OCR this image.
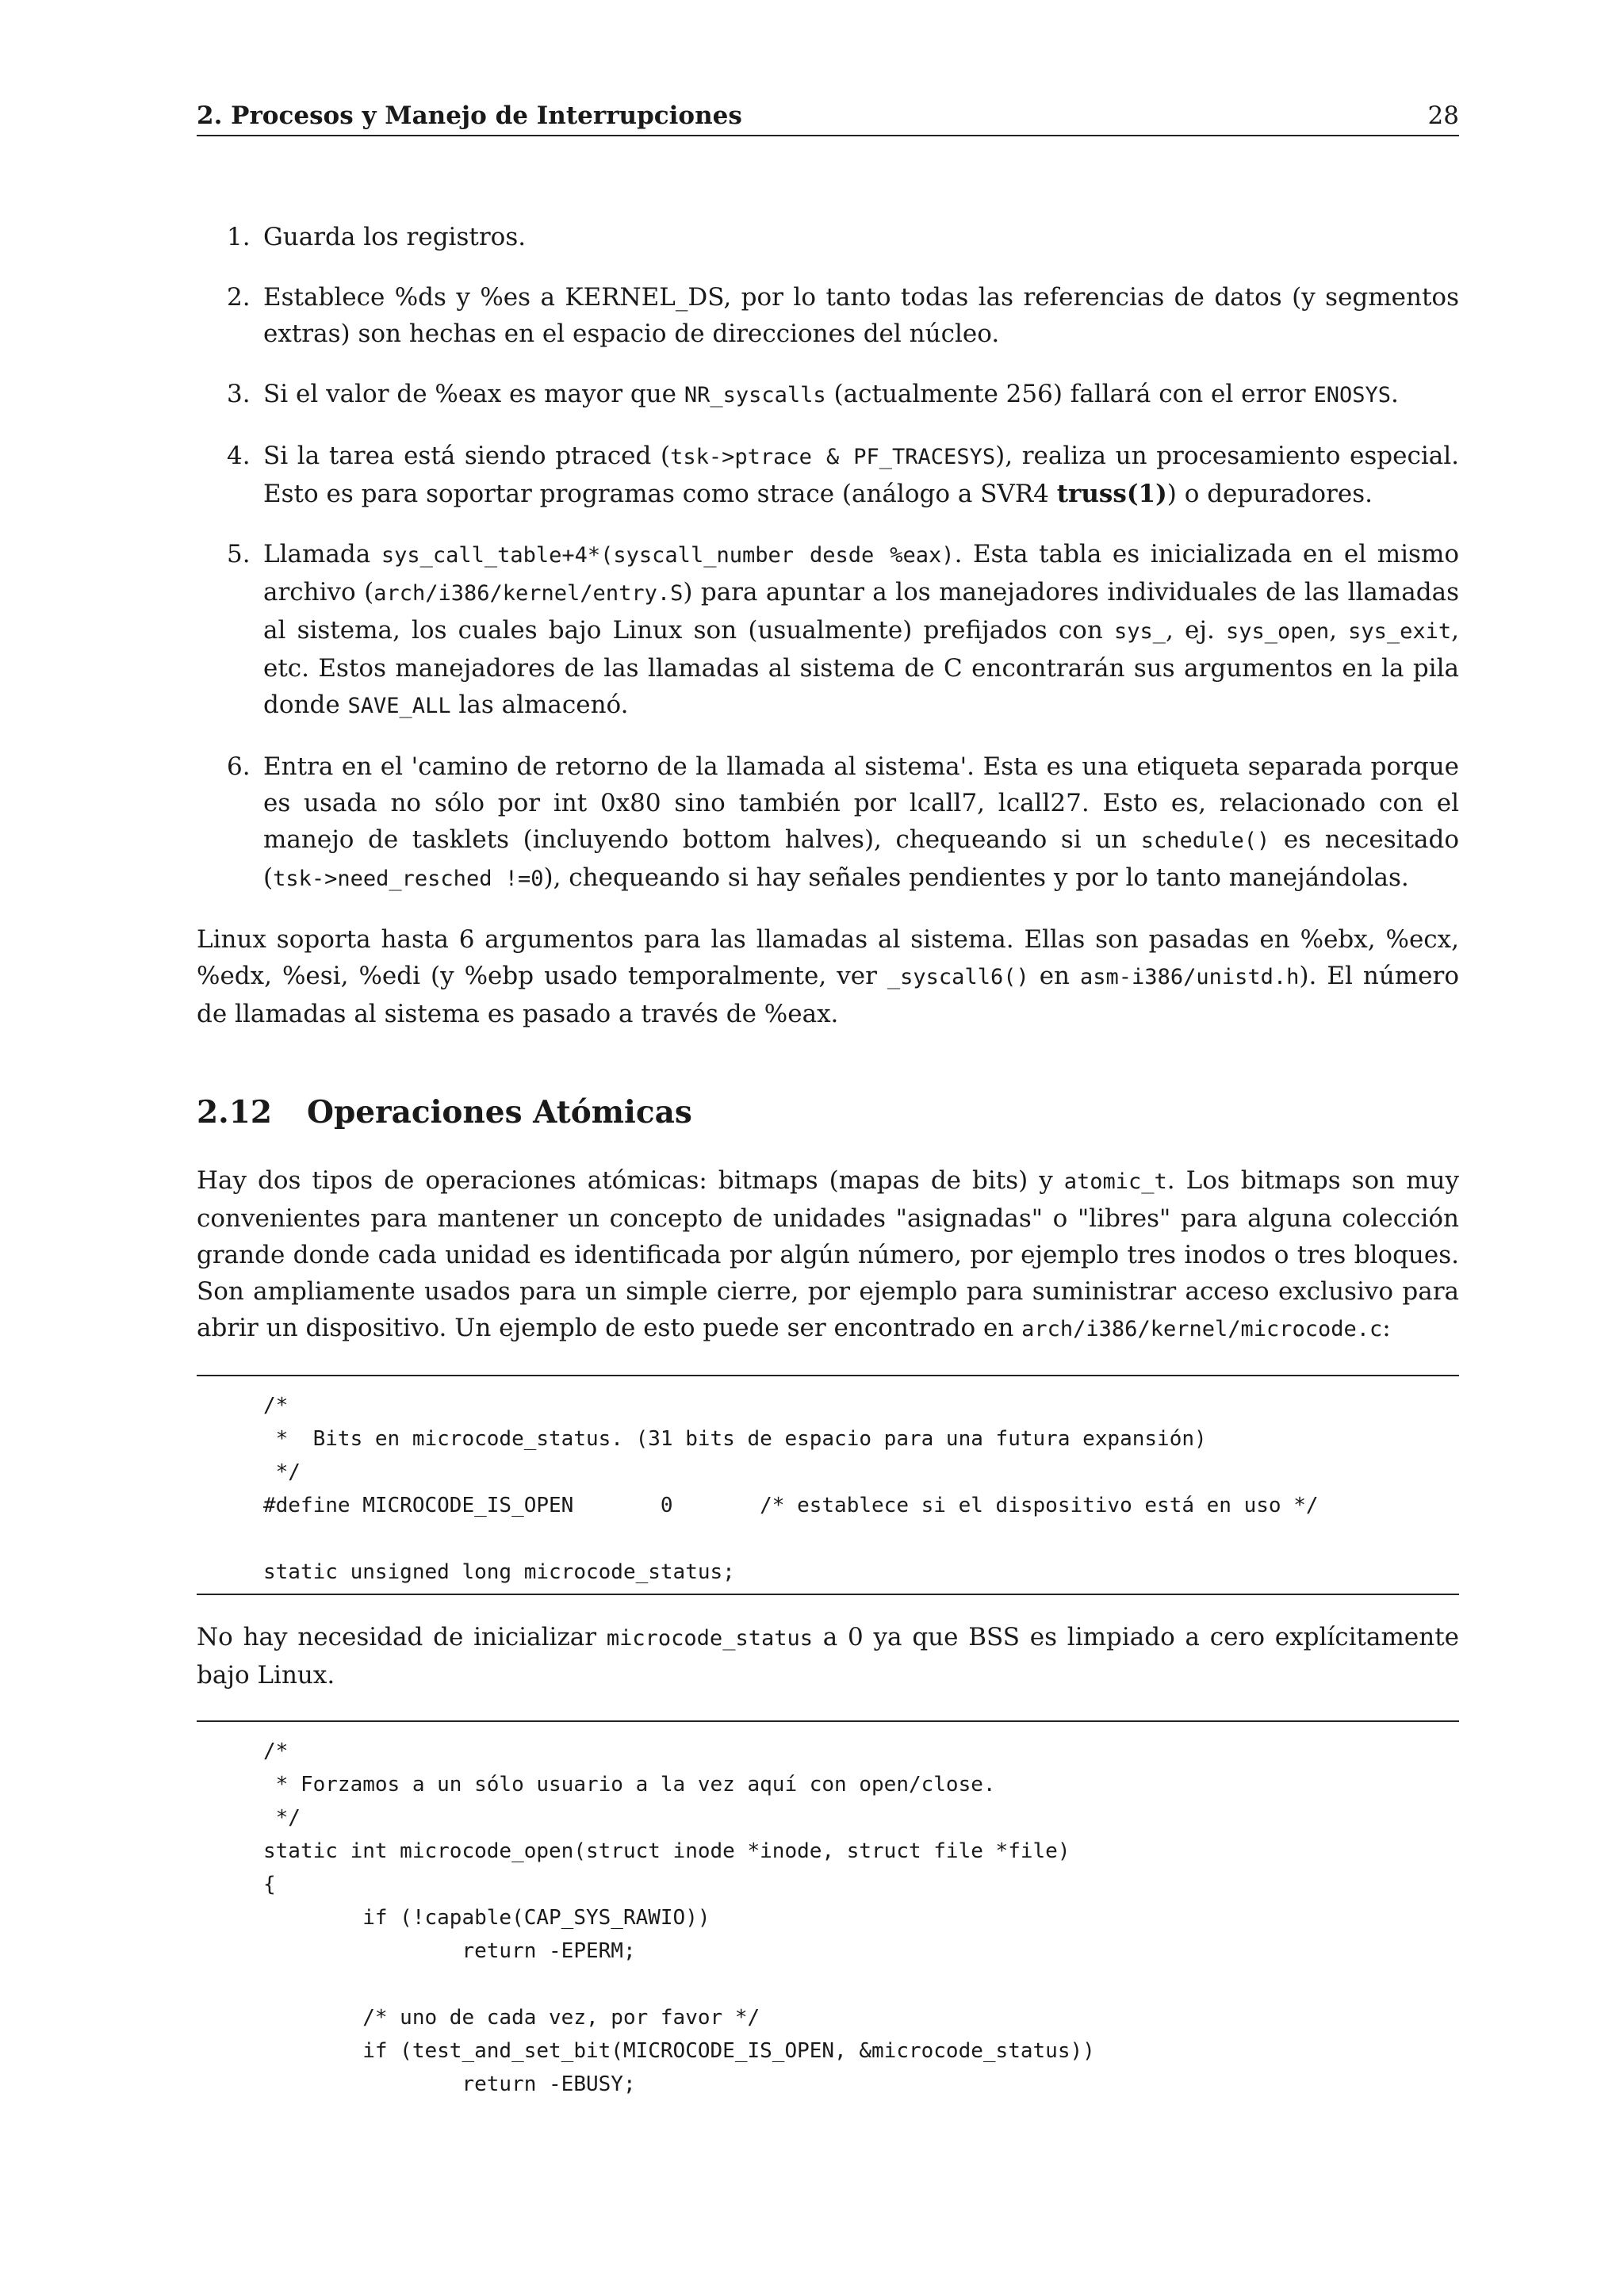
2. Procesos y Manejo de Interrupciones	28
1. Guarda los registros.
2. Establece %ds y %es a KERNEL_DS, por lo tanto todas las referencias de datos (y segmentos extras) son hechas en el espacio de direcciones del núcleo.
3. Si el valor de %eax es mayor que NR_syscalls (actualmente 256) fallará con el error ENOSYS.
4. Si la tarea está siendo ptraced (tsk->ptrace & PF_TRACESYS), realiza un procesamiento especial. Esto es para soportar programas como strace (análogo a SVR4 truss(1)) o depuradores.
5. Llamada sys_call_table+4*(syscall_number desde %eax). Esta tabla es inicializada en el mismo archivo (arch/i386/kernel/entry.S) para apuntar a los manejadores individuales de las llamadas al sistema, los cuales bajo Linux son (usualmente) prefijados con sys_, ej. sys_open, sys_exit, etc. Estos manejadores de las llamadas al sistema de C encontrarán sus argumentos en la pila donde SAVE_ALL las almacenó.
6. Entra en el 'camino de retorno de la llamada al sistema'. Esta es una etiqueta separada porque es usada no sólo por int 0x80 sino también por lcall7, lcall27. Esto es, relacionado con el manejo de tasklets (incluyendo bottom halves), chequeando si un schedule() es necesitado (tsk->need_resched !=0), chequeando si hay señales pendientes y por lo tanto manejándolas.

Linux soporta hasta 6 argumentos para las llamadas al sistema. Ellas son pasadas en %ebx, %ecx, %edx, %esi, %edi (y %ebp usado temporalmente, ver _syscall6() en asm-i386/unistd.h). El número de llamadas al sistema es pasado a través de %eax.

2.12 Operaciones Atómicas

Hay dos tipos de operaciones atómicas: bitmaps (mapas de bits) y atomic_t. Los bitmaps son muy convenientes para mantener un concepto de unidades "asignadas" o "libres" para alguna colección grande donde cada unidad es identificada por algún número, por ejemplo tres inodos o tres bloques. Son ampliamente usados para un simple cierre, por ejemplo para suministrar acceso exclusivo para abrir un dispositivo. Un ejemplo de esto puede ser encontrado en arch/i386/kernel/microcode.c:

/*
*  Bits en microcode_status. (31 bits de espacio para una futura expansión)
*/
#define MICROCODE_IS_OPEN       0       /* establece si el dispositivo está en uso */

static unsigned long microcode_status;

No hay necesidad de inicializar microcode_status a 0 ya que BSS es limpiado a cero explícitamente bajo Linux.

/*
* Forzamos a un sólo usuario a la vez aquí con open/close.
*/
static int microcode_open(struct inode *inode, struct file *file)
{
if (!capable(CAP_SYS_RAWIO))
return -EPERM;

/* uno de cada vez, por favor */
if (test_and_set_bit(MICROCODE_IS_OPEN, &microcode_status))
return -EBUSY;
